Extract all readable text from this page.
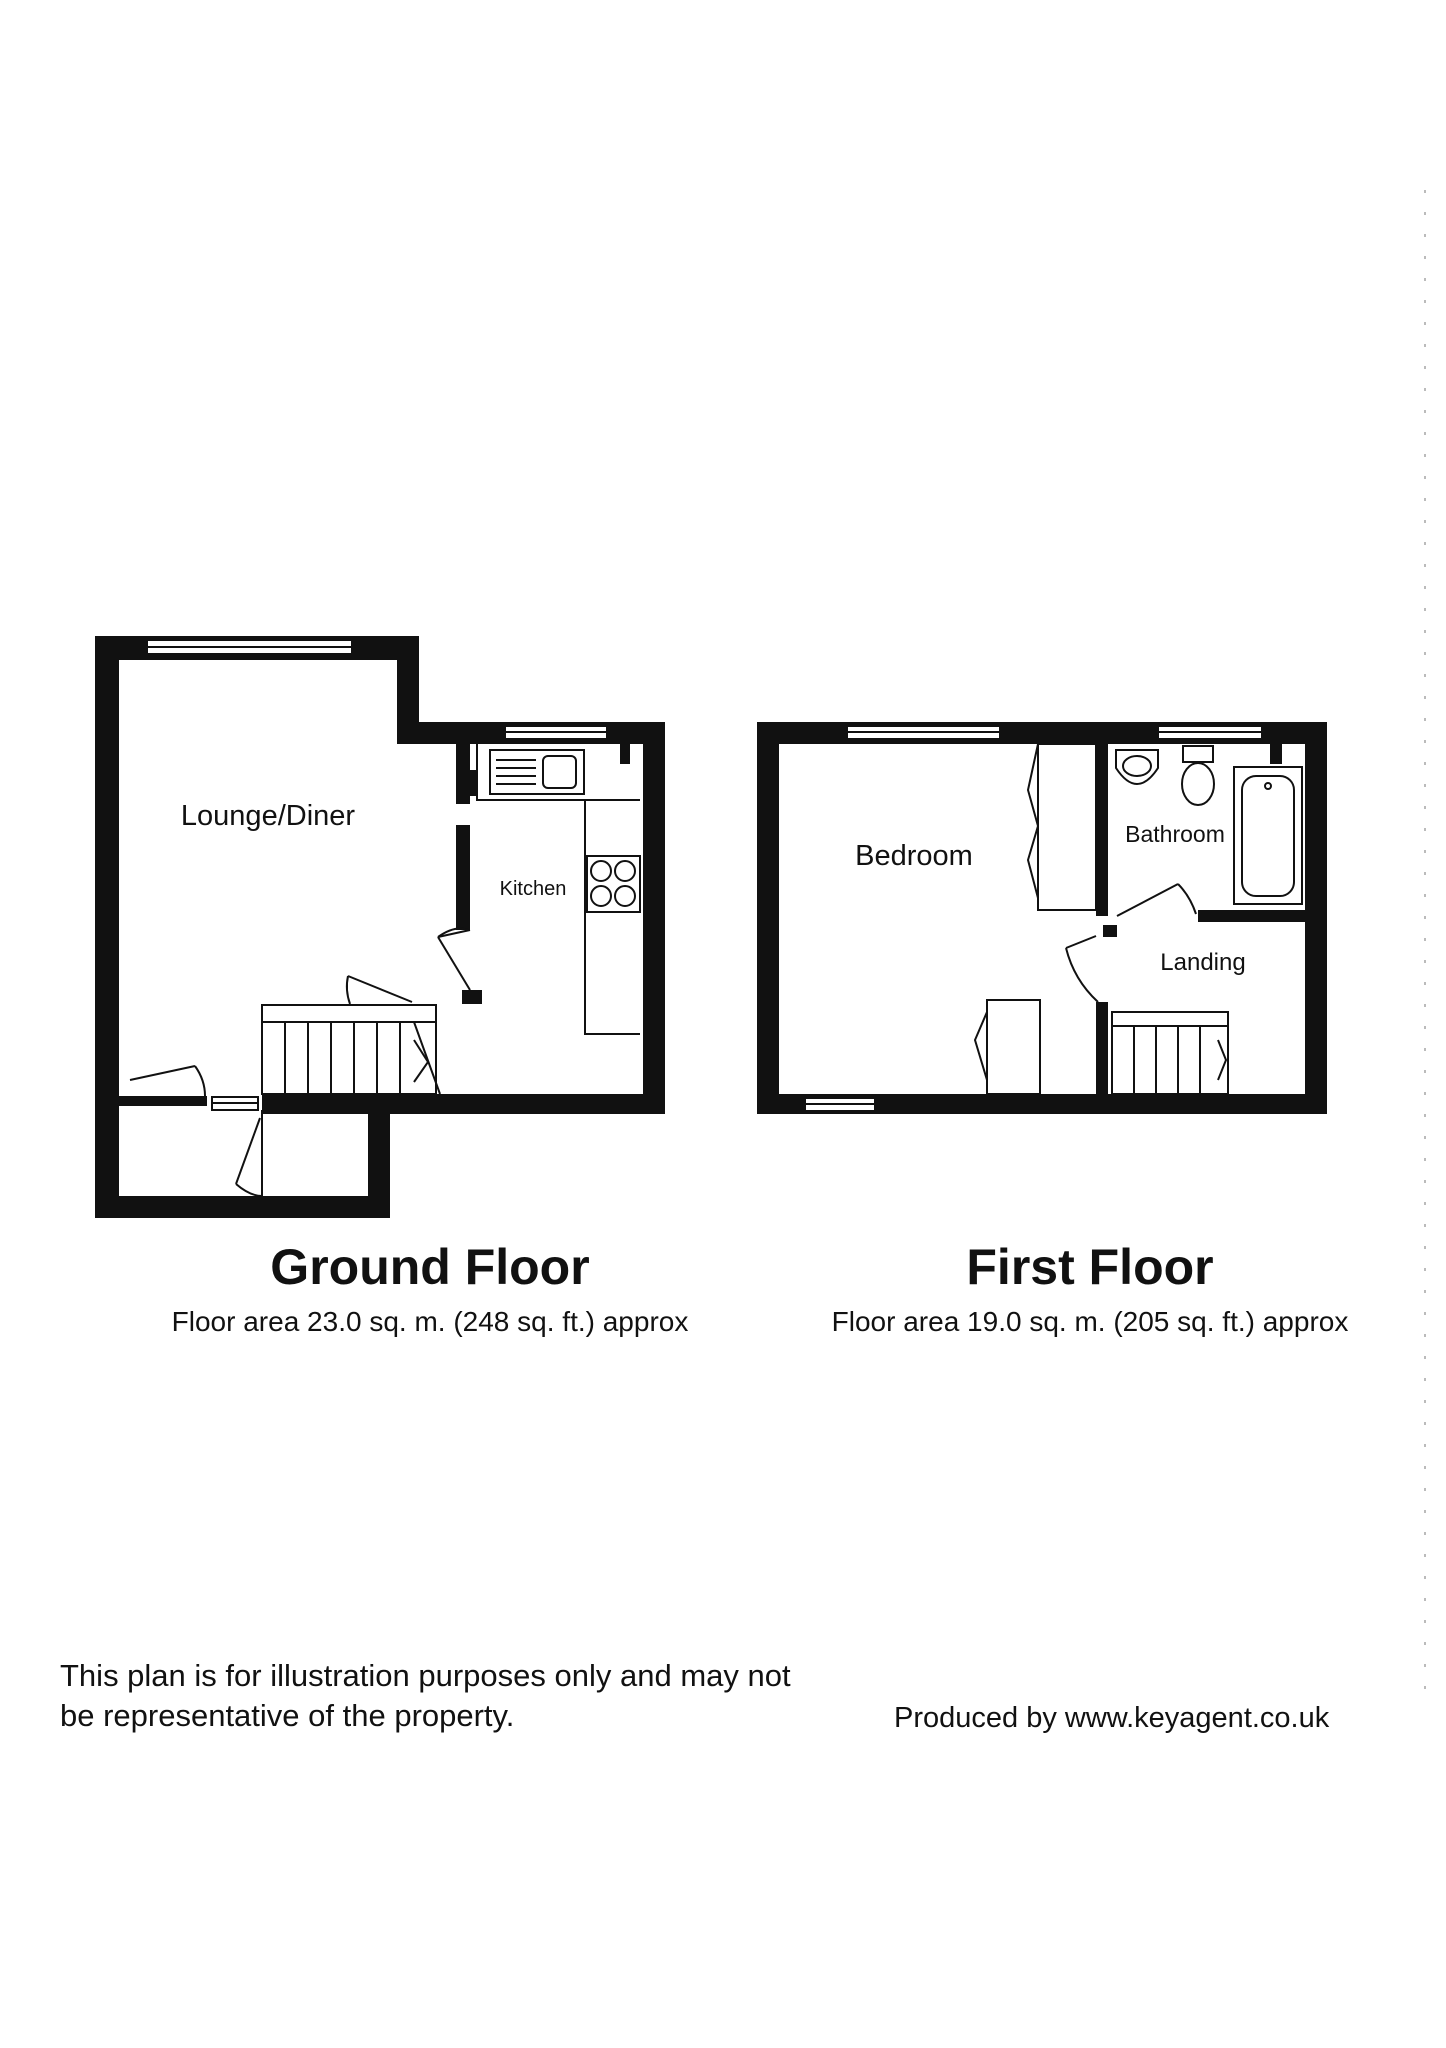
Lounge/Diner
Kitchen
Bedroom
Bathroom
Landing
Ground Floor
Floor area 23.0 sq. m. (248 sq. ft.) approx
First Floor
Floor area 19.0 sq. m. (205 sq. ft.) approx
This plan is for illustration purposes only and may not
be representative of the property.	Produced by www.keyagent.co.uk
